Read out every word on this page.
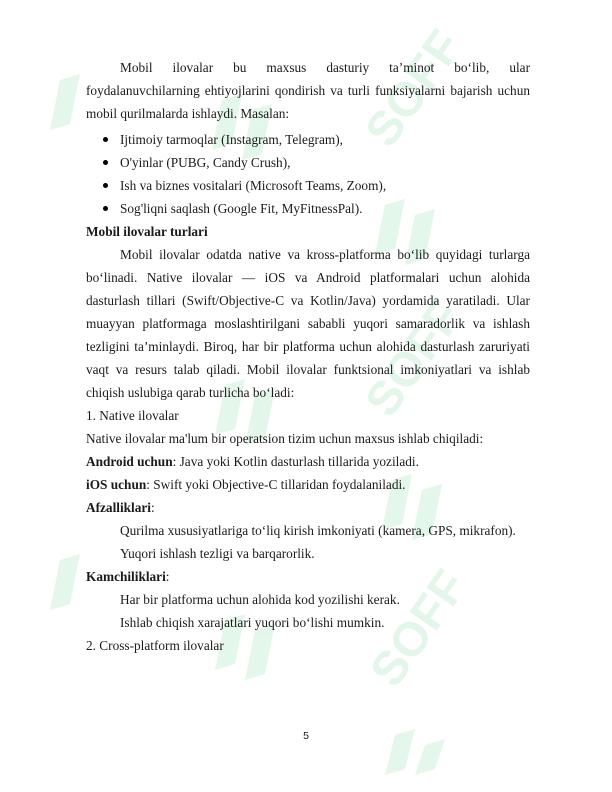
SOFF
SOFF
SOFF

Mobil ilovalar bu maxsus dasturiy ta’minot bo‘lib, ular foydalanuvchilarning ehtiyojlarini qondirish va turli funksiyalarni bajarish uchun mobil qurilmalarda ishlaydi. Masalan:

Ijtimoiy tarmoqlar (Instagram, Telegram),
O'yinlar (PUBG, Candy Crush),
Ish va biznes vositalari (Microsoft Teams, Zoom),
Sog'liqni saqlash (Google Fit, MyFitnessPal).

Mobil ilovalar turlari

Mobil ilovalar odatda native va kross-platforma bo‘lib quyidagi turlarga bo‘linadi. Native ilovalar — iOS va Android platformalari uchun alohida dasturlash tillari (Swift/Objective-C va Kotlin/Java) yordamida yaratiladi. Ular muayyan platformaga moslashtirilgani sababli yuqori samaradorlik va ishlash tezligini ta’minlaydi. Biroq, har bir platforma uchun alohida dasturlash zaruriyati vaqt va resurs talab qiladi. Mobil ilovalar funktsional imkoniyatlari va ishlab chiqish uslubiga qarab turlicha bo‘ladi:

1. Native ilovalar

Native ilovalar ma'lum bir operatsion tizim uchun maxsus ishlab chiqiladi:

Android uchun: Java yoki Kotlin dasturlash tillarida yoziladi.

iOS uchun: Swift yoki Objective-C tillaridan foydalaniladi.

Afzalliklari:

Qurilma xususiyatlariga to‘liq kirish imkoniyati (kamera, GPS, mikrafon).

Yuqori ishlash tezligi va barqarorlik.

Kamchiliklari:

Har bir platforma uchun alohida kod yozilishi kerak.

Ishlab chiqish xarajatlari yuqori bo‘lishi mumkin.

2. Cross-platform ilovalar

5
